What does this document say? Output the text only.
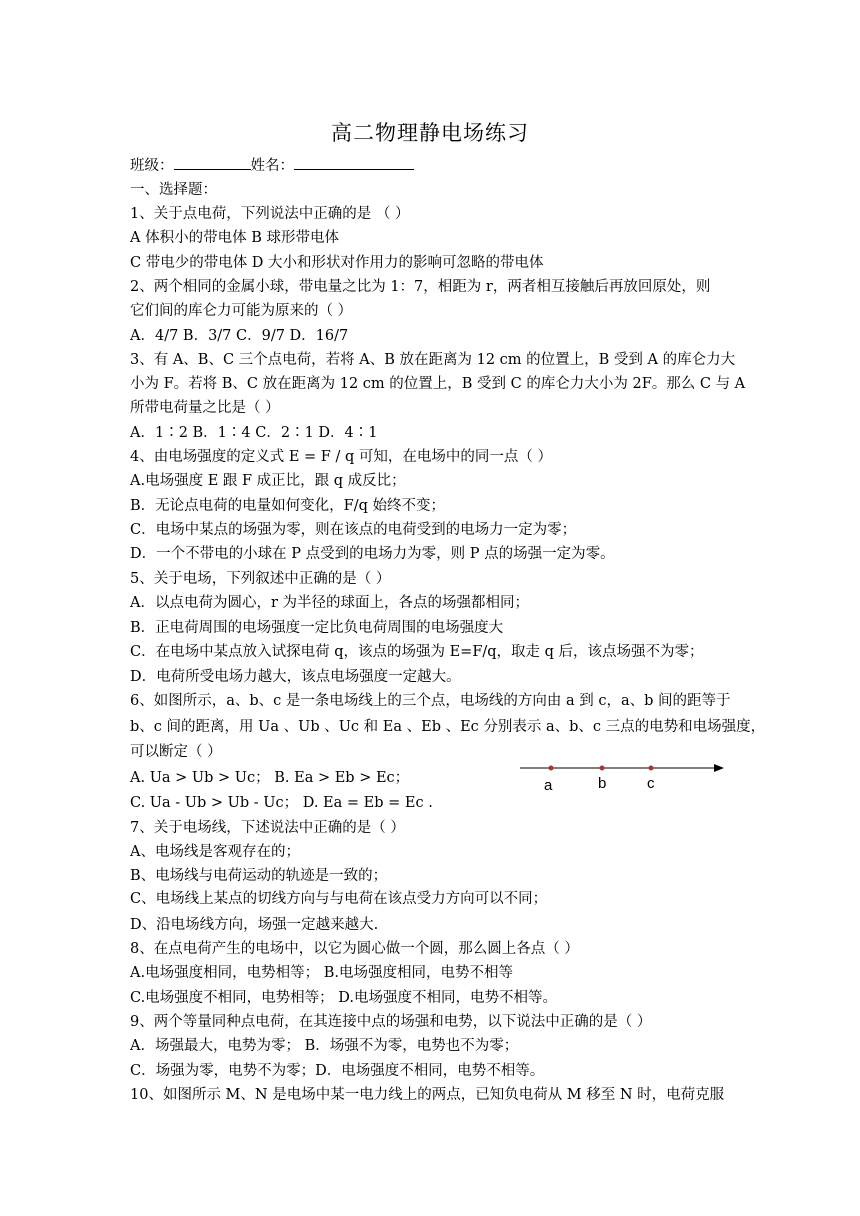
高二物理静电场练习
班级：	姓名：
一、选择题：
1、关于点电荷，下列说法中正确的是 （ ）
A 体积小的带电体 B 球形带电体
C 带电少的带电体 D 大小和形状对作用力的影响可忽略的带电体
2、两个相同的金属小球，带电量之比为 1：7，相距为 r，两者相互接触后再放回原处，则
它们间的库仑力可能为原来的（ ）
A．4/7 B．3/7 C．9/7 D．16/7
3、有 A、B、C 三个点电荷，若将 A、B 放在距离为 12 cm 的位置上，B 受到 A 的库仑力大
小为 F。若将 B、C 放在距离为 12 cm 的位置上，B 受到 C 的库仑力大小为 2F。那么 C 与 A
所带电荷量之比是（ ）
A．1∶2 B．1∶4 C．2∶1 D．4∶1
4、由电场强度的定义式 E = F / q 可知，在电场中的同一点（ ）
A.电场强度 E 跟 F 成正比，跟 q 成反比；
B．无论点电荷的电量如何变化，F/q 始终不变；
C．电场中某点的场强为零，则在该点的电荷受到的电场力一定为零；
D．一个不带电的小球在 P 点受到的电场力为零，则 P 点的场强一定为零。
5、关于电场，下列叙述中正确的是（ ）
A．以点电荷为圆心，r 为半径的球面上，各点的场强都相同；
B．正电荷周围的电场强度一定比负电荷周围的电场强度大
C．在电场中某点放入试探电荷 q，该点的场强为 E=F/q，取走 q 后，该点场强不为零；
D．电荷所受电场力越大，该点电场强度一定越大。
6、如图所示，a、b、c 是一条电场线上的三个点，电场线的方向由 a 到 c，a、b 间的距等于
b、c 间的距离，用 Ua 、Ub 、Uc 和 Ea 、Eb 、Ec 分别表示 a、b、c 三点的电势和电场强度，
可以断定（ ）
A. Ua > Ub > Uc； B. Ea > Eb > Ec；
C. Ua - Ub > Ub - Uc； D. Ea = Eb = Ec .
7、关于电场线，下述说法中正确的是（ ）
A、电场线是客观存在的；
B、电场线与电荷运动的轨迹是一致的；
C、电场线上某点的切线方向与与电荷在该点受力方向可以不同；
D、沿电场线方向，场强一定越来越大.
8、在点电荷产生的电场中，以它为圆心做一个圆，那么圆上各点（ ）
A.电场强度相同，电势相等； B.电场强度相同，电势不相等
C.电场强度不相同，电势相等； D.电场强度不相同，电势不相等。
9、两个等量同种点电荷，在其连接中点的场强和电势，以下说法中正确的是（ ）
A．场强最大，电势为零； B．场强不为零，电势也不为零；
C．场强为零，电势不为零；D．电场强度不相同，电势不相等。
10、如图所示 M、N 是电场中某一电力线上的两点，已知负电荷从 M 移至 N 时，电荷克服
a	b	c
